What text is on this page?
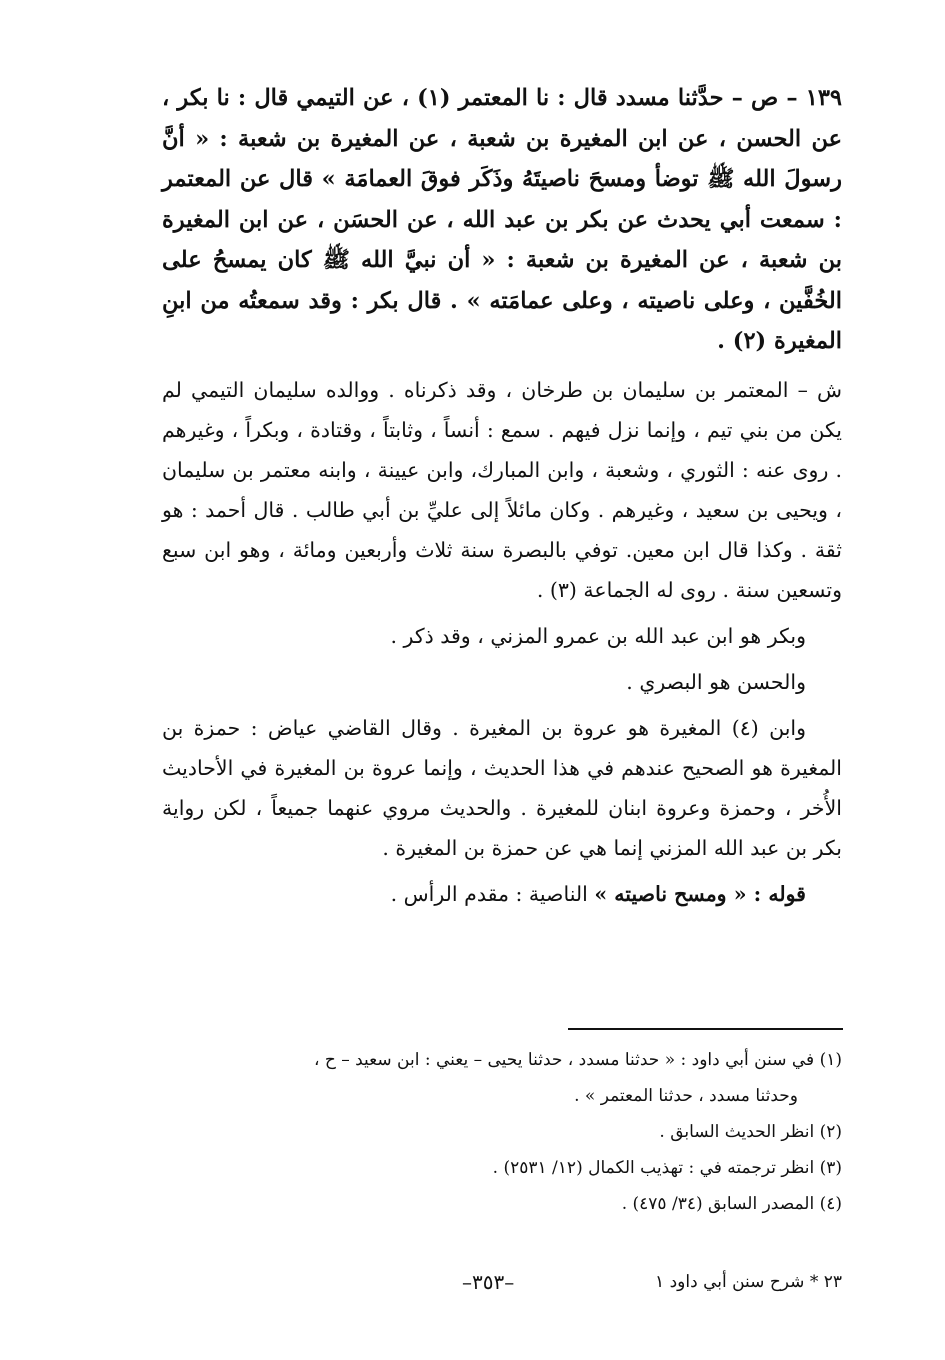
١٣٩ – ص – حدَّثنا مسدد قال : نا المعتمر (١) ، عن التيمي قال : نا بكر ، عن الحسن ، عن ابن المغيرة بن شعبة ، عن المغيرة بن شعبة : « أنَّ رسولَ الله ﷺ توضأ ومسحَ ناصيتَهُ وذَكَر فوقَ العمامَة » قال عن المعتمر : سمعت أبي يحدث عن بكر بن عبد الله ، عن الحسَن ، عن ابن المغيرة بن شعبة ، عن المغيرة بن شعبة : « أن نبيَّ الله ﷺ كان يمسحُ على الخُفَّين ، وعلى ناصيته ، وعلى عمامَته » . قال بكر : وقد سمعتُه من ابنِ المغيرة (٢) .

ش – المعتمر بن سليمان بن طرخان ، وقد ذكرناه . ووالده سليمان التيمي لم يكن من بني تيم ، وإنما نزل فيهم . سمع : أنساً ، وثابتاً ، وقتادة ، وبكراً ، وغيرهم . روى عنه : الثوري ، وشعبة ، وابن المبارك، وابن عيينة ، وابنه معتمر بن سليمان ، ويحيى بن سعيد ، وغيرهم . وكان مائلاً إلى عليِّ بن أبي طالب . قال أحمد : هو ثقة . وكذا قال ابن معين. توفي بالبصرة سنة ثلاث وأربعين ومائة ، وهو ابن سبع وتسعين سنة . روى له الجماعة (٣) .

وبكر هو ابن عبد الله بن عمرو المزني ، وقد ذكر .

والحسن هو البصري .

وابن (٤) المغيرة هو عروة بن المغيرة . وقال القاضي عياض : حمزة بن المغيرة هو الصحيح عندهم في هذا الحديث ، وإنما عروة بن المغيرة في الأحاديث الأُخر ، وحمزة وعروة ابنان للمغيرة . والحديث مروي عنهما جميعاً ، لكن رواية بكر بن عبد الله المزني إنما هي عن حمزة بن المغيرة .

قوله : « ومسح ناصيته » الناصية : مقدم الرأس .

(١) في سنن أبي داود : « حدثنا مسدد ، حدثنا يحيى – يعني : ابن سعيد – ح ،

وحدثنا مسدد ، حدثنا المعتمر » .

(٢) انظر الحديث السابق .

(٣) انظر ترجمته في : تهذيب الكمال (١٢/ ٢٥٣١) .

(٤) المصدر السابق (٣٤/ ٤٧٥) .

٢٣ * شرح سنن أبي داود ١
–٣٥٣–
